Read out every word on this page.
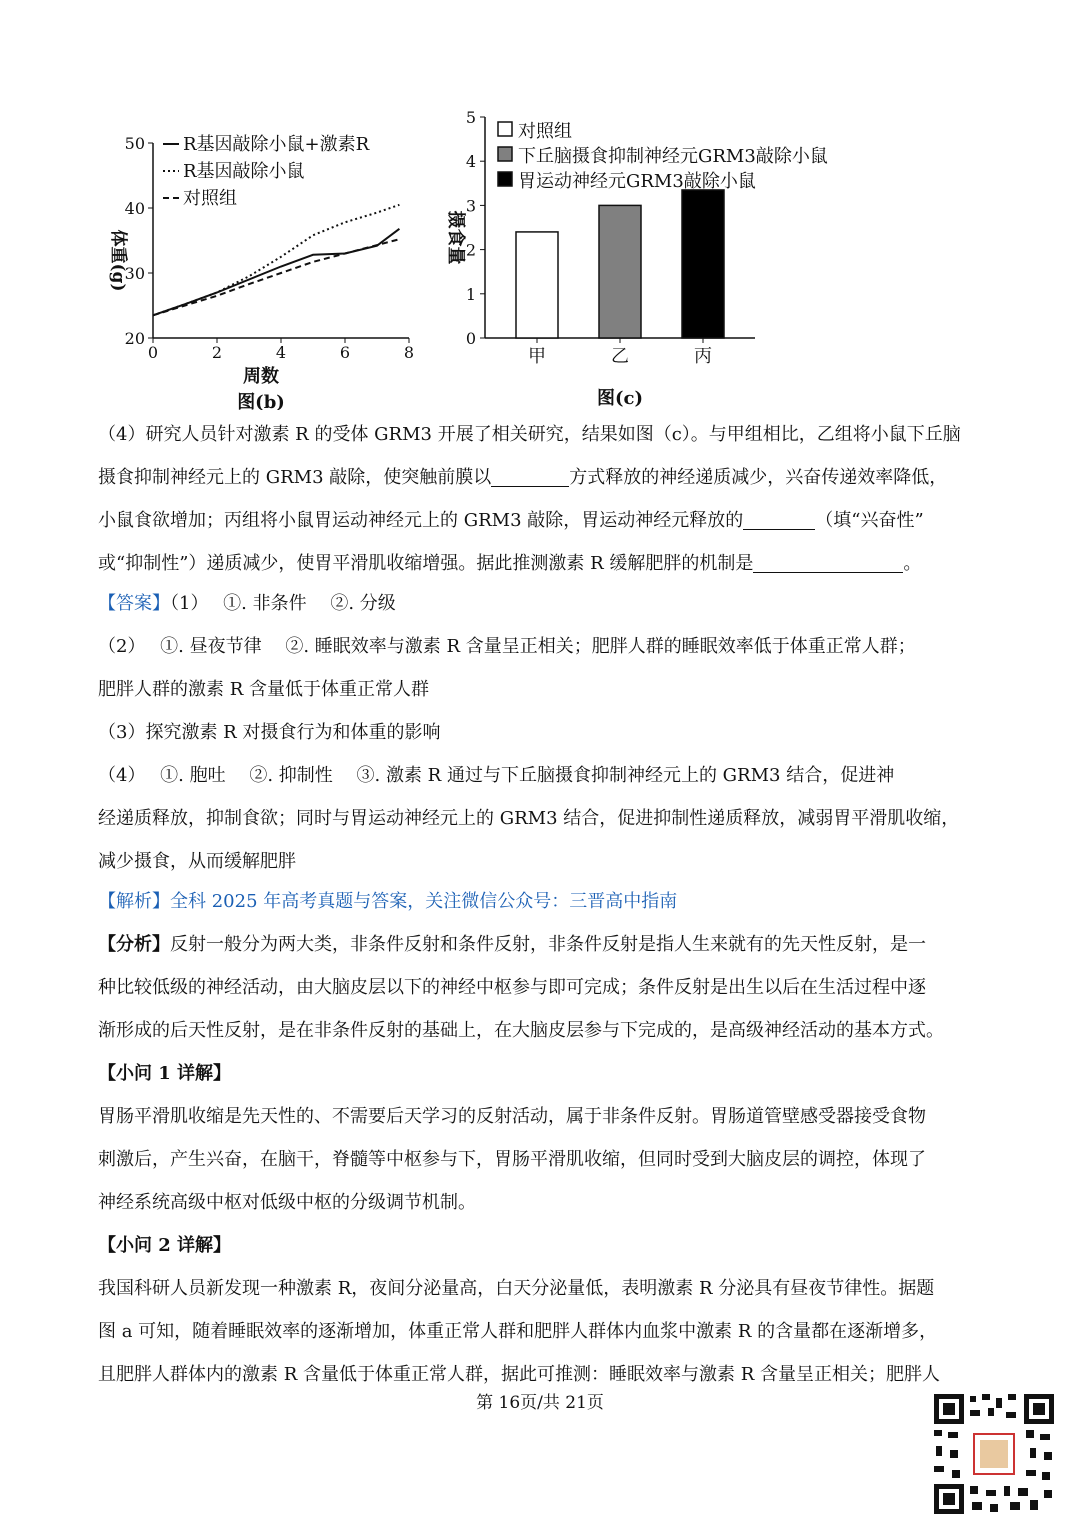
20
30
40
50
0	2	4	6	8
周数
图(b)
体重(g)
R基因敲除小鼠+激素R
R基因敲除小鼠
对照组
0
1
2
3
4
5
摄食量
甲	乙	丙
图(c)
对照组
下丘脑摄食抑制神经元GRM3敲除小鼠
胃运动神经元GRM3敲除小鼠
（4）研究人员针对激素 R 的受体 GRM3 开展了相关研究，结果如图（c）。与甲组相比，乙组将小鼠下丘脑
摄食抑制神经元上的 GRM3 敲除，使突触前膜以	方式释放的神经递质减少，兴奋传递效率降低，
小鼠食欲增加；丙组将小鼠胃运动神经元上的 GRM3 敲除，胃运动神经元释放的	（填“兴奋性”
或“抑制性”）递质减少，使胃平滑肌收缩增强。据此推测激素 R 缓解肥胖的机制是	。
【答案】（1）　 ①. 非条件　 ②. 分级
（2）　 ①. 昼夜节律　 ②. 睡眠效率与激素 R 含量呈正相关；肥胖人群的睡眠效率低于体重正常人群；
肥胖人群的激素 R 含量低于体重正常人群
（3）探究激素 R 对摄食行为和体重的影响
（4）　 ①. 胞吐　 ②. 抑制性　 ③. 激素 R 通过与下丘脑摄食抑制神经元上的 GRM3 结合，促进神
经递质释放，抑制食欲；同时与胃运动神经元上的 GRM3 结合，促进抑制性递质释放，减弱胃平滑肌收缩，
减少摄食，从而缓解肥胖
【解析】全科 2025 年高考真题与答案，关注微信公众号：三晋高中指南
【分析】反射一般分为两大类，非条件反射和条件反射，非条件反射是指人生来就有的先天性反射，是一
种比较低级的神经活动，由大脑皮层以下的神经中枢参与即可完成；条件反射是出生以后在生活过程中逐
渐形成的后天性反射，是在非条件反射的基础上，在大脑皮层参与下完成的，是高级神经活动的基本方式。
【小问 1 详解】
胃肠平滑肌收缩是先天性的、不需要后天学习的反射活动，属于非条件反射。胃肠道管壁感受器接受食物
刺激后，产生兴奋，在脑干，脊髓等中枢参与下，胃肠平滑肌收缩，但同时受到大脑皮层的调控，体现了
神经系统高级中枢对低级中枢的分级调节机制。
【小问 2 详解】
我国科研人员新发现一种激素 R，夜间分泌量高，白天分泌量低，表明激素 R 分泌具有昼夜节律性。据题
图 a 可知，随着睡眠效率的逐渐增加，体重正常人群和肥胖人群体内血浆中激素 R 的含量都在逐渐增多，
且肥胖人群体内的激素 R 含量低于体重正常人群，据此可推测：睡眠效率与激素 R 含量呈正相关；肥胖人
第 16页/共 21页
